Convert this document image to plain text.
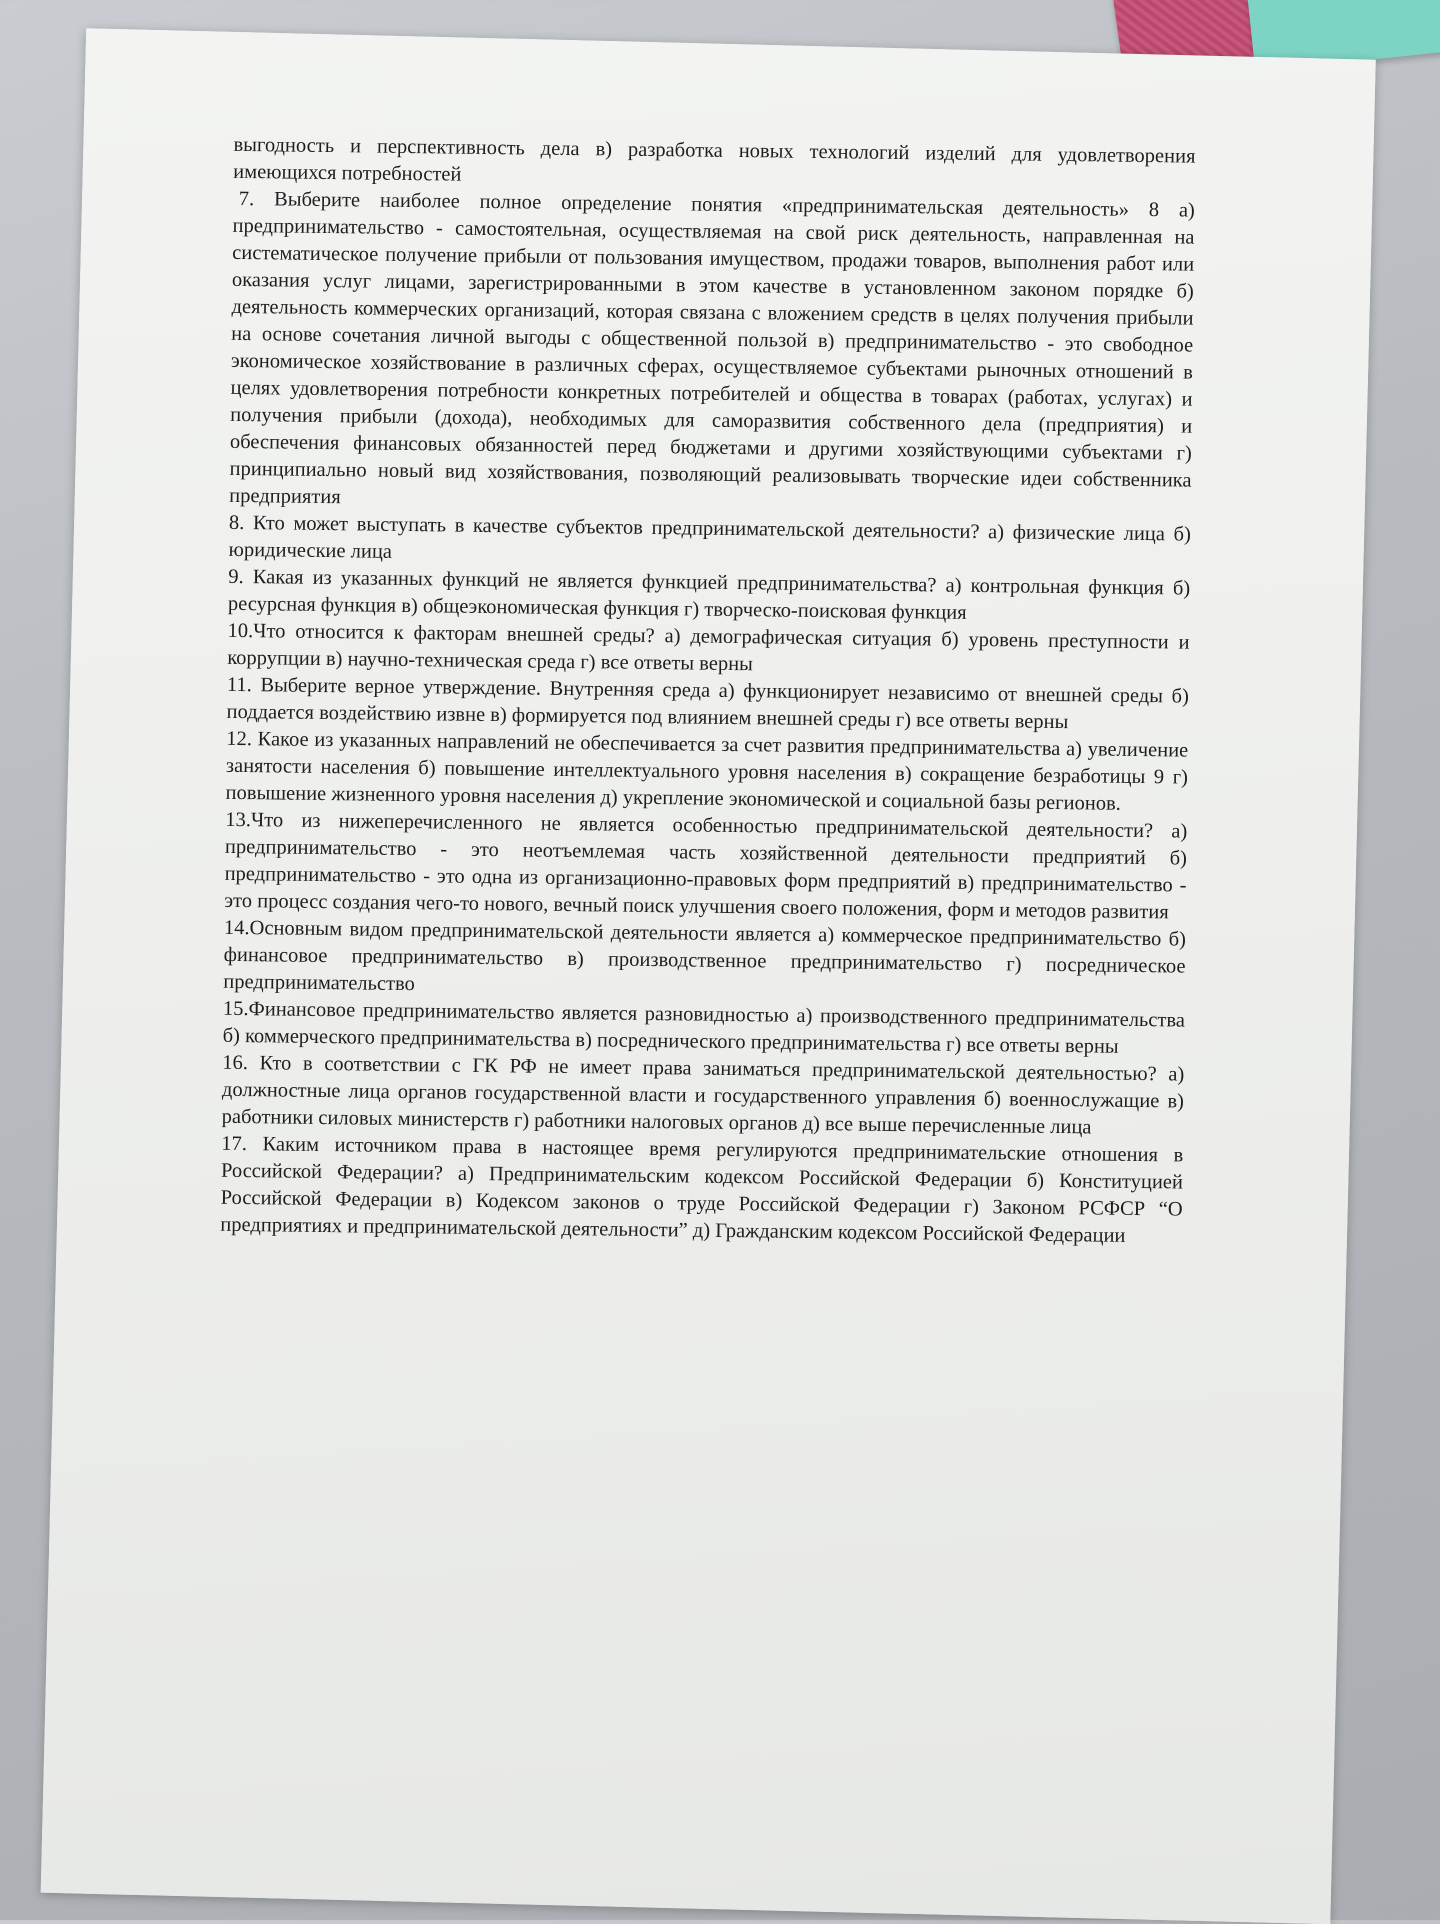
выгодность и перспективность дела в) разработка новых технологий изделий для удовлетворения имеющихся потребностей

7. Выберите наиболее полное определение понятия «предпринимательская деятельность» 8 а) предпринимательство - самостоятельная, осуществляемая на свой риск деятельность, направленная на систематическое получение прибыли от пользования имуществом, продажи товаров, выполнения работ или оказания услуг лицами, зарегистрированными в этом качестве в установленном законом порядке б) деятельность коммерческих организаций, которая связана с вложением средств в целях получения прибыли на основе сочетания личной выгоды с общественной пользой в) предпринимательство - это свободное экономическое хозяйствование в различных сферах, осуществляемое субъектами рыночных отношений в целях удовлетворения потребности конкретных потребителей и общества в товарах (работах, услугах) и получения прибыли (дохода), необходимых для саморазвития собственного дела (предприятия) и обеспечения финансовых обязанностей перед бюджетами и другими хозяйствующими субъектами г) принципиально новый вид хозяйствования, позволяющий реализовывать творческие идеи собственника предприятия

8. Кто может выступать в качестве субъектов предпринимательской деятельности? а) физические лица б) юридические лица

9. Какая из указанных функций не является функцией предпринимательства? а) контрольная функция б) ресурсная функция в) общеэкономическая функция г) творческо-поисковая функция

10.Что относится к факторам внешней среды? а) демографическая ситуация б) уровень преступности и коррупции в) научно-техническая среда г) все ответы верны

11. Выберите верное утверждение. Внутренняя среда а) функционирует независимо от внешней среды б) поддается воздействию извне в) формируется под влиянием внешней среды г) все ответы верны

12. Какое из указанных направлений не обеспечивается за счет развития предпринимательства а) увеличение занятости населения б) повышение интеллектуального уровня населения в) сокращение безработицы 9 г) повышение жизненного уровня населения д) укрепление экономической и социальной базы регионов.

13.Что из нижеперечисленного не является особенностью предпринимательской деятельности? а) предпринимательство - это неотъемлемая часть хозяйственной деятельности предприятий б) предпринимательство - это одна из организационно-правовых форм предприятий в) предпринимательство - это процесс создания чего-то нового, вечный поиск улучшения своего положения, форм и методов развития

14.Основным видом предпринимательской деятельности является а) коммерческое предпринимательство б) финансовое предпринимательство в) производственное предпринимательство г) посредническое предпринимательство

15.Финансовое предпринимательство является разновидностью а) производственного предпринимательства б) коммерческого предпринимательства в) посреднического предпринимательства г) все ответы верны

16. Кто в соответствии с ГК РФ не имеет права заниматься предпринимательской деятельностью? а) должностные лица органов государственной власти и государственного управления б) военнослужащие в) работники силовых министерств г) работники налоговых органов д) все выше перечисленные лица

17. Каким источником права в настоящее время регулируются предпринимательские отношения в Российской Федерации? а) Предпринимательским кодексом Российской Федерации б) Конституцией Российской Федерации в) Кодексом законов о труде Российской Федерации г) Законом РСФСР “О предприятиях и предпринимательской деятельности” д) Гражданским кодексом Российской Федерации
